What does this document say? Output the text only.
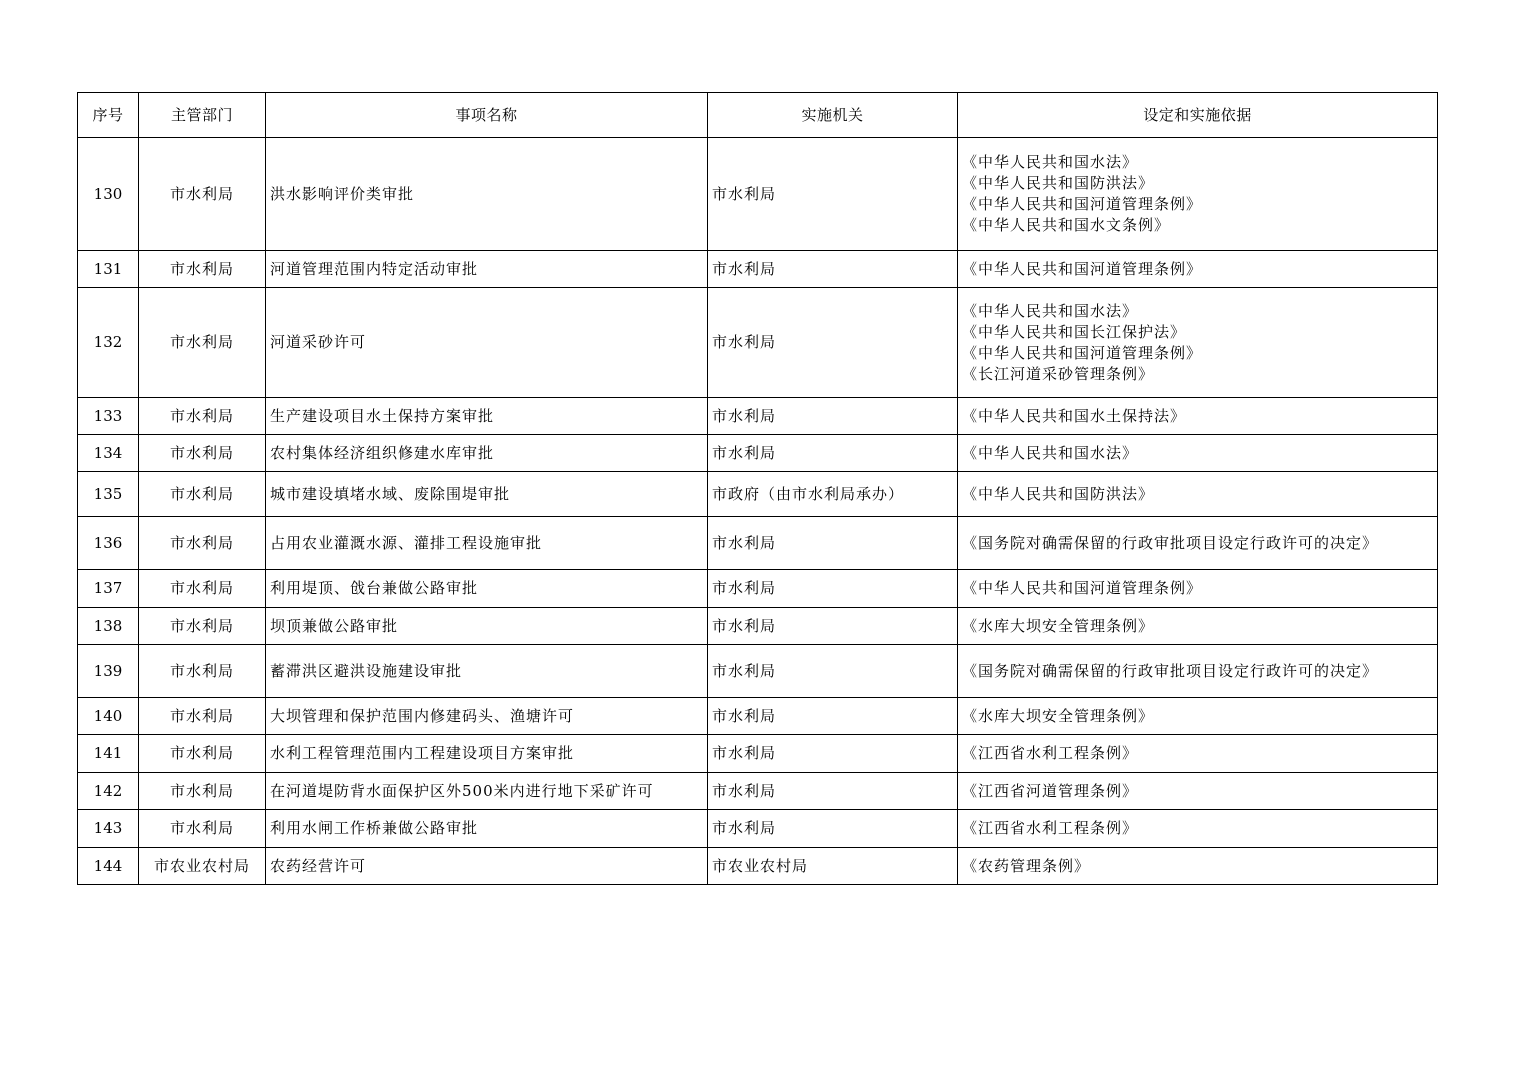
序号	主管部门	事项名称	实施机关	设定和实施依据
130	市水利局	洪水影响评价类审批	市水利局	《中华人民共和国水法》
《中华人民共和国防洪法》
《中华人民共和国河道管理条例》
《中华人民共和国水文条例》

131	市水利局	河道管理范围内特定活动审批	市水利局	《中华人民共和国河道管理条例》

132	市水利局	河道采砂许可	市水利局	《中华人民共和国水法》
《中华人民共和国长江保护法》
《中华人民共和国河道管理条例》
《长江河道采砂管理条例》

133	市水利局	生产建设项目水土保持方案审批	市水利局	《中华人民共和国水土保持法》

134	市水利局	农村集体经济组织修建水库审批	市水利局	《中华人民共和国水法》

135	市水利局	城市建设填堵水域、废除围堤审批	市政府（由市水利局承办）	《中华人民共和国防洪法》

136	市水利局	占用农业灌溉水源、灌排工程设施审批	市水利局	《国务院对确需保留的行政审批项目设定行政许可的决定》

137	市水利局	利用堤顶、戗台兼做公路审批	市水利局	《中华人民共和国河道管理条例》

138	市水利局	坝顶兼做公路审批	市水利局	《水库大坝安全管理条例》

139	市水利局	蓄滞洪区避洪设施建设审批	市水利局	《国务院对确需保留的行政审批项目设定行政许可的决定》

140	市水利局	大坝管理和保护范围内修建码头、渔塘许可	市水利局	《水库大坝安全管理条例》

141	市水利局	水利工程管理范围内工程建设项目方案审批	市水利局	《江西省水利工程条例》

142	市水利局	在河道堤防背水面保护区外500米内进行地下采矿许可	市水利局	《江西省河道管理条例》

143	市水利局	利用水闸工作桥兼做公路审批	市水利局	《江西省水利工程条例》

144	市农业农村局	农药经营许可	市农业农村局	《农药管理条例》
